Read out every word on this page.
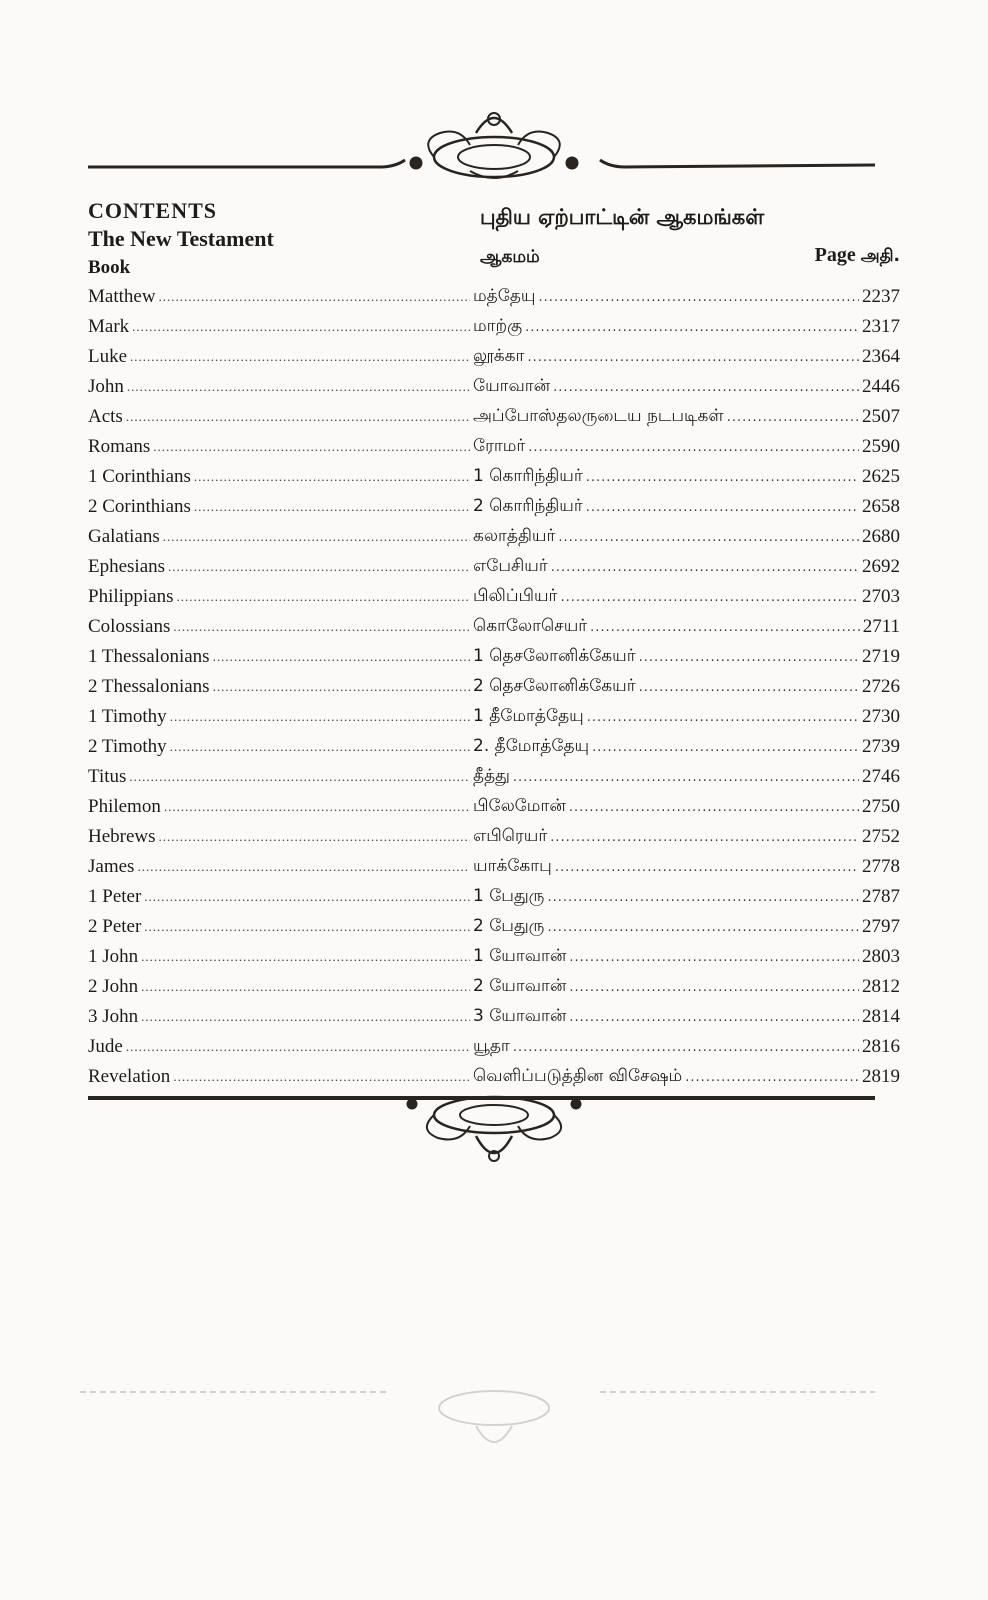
CONTENTS
The New Testament
Book
புதிய ஏற்பாட்டின் ஆகமங்கள்
ஆகமம்	Page அதி.
Matthew .....	மத்தேயு .....	2237
Mark .....	மாற்கு .....	2317
Luke .....	லூக்கா .....	2364
John .....	யோவான் .....	2446
Acts .....	அப்போஸ்தலருடைய நடபடிகள் .....	2507
Romans .....	ரோமர் .....	2590
1 Corinthians .....	1 கொரிந்தியர் .....	2625
2 Corinthians .....	2 கொரிந்தியர் .....	2658
Galatians .....	கலாத்தியர் .....	2680
Ephesians .....	எபேசியர் .....	2692
Philippians .....	பிலிப்பியர் .....	2703
Colossians .....	கொலோசெயர் .....	2711
1 Thessalonians .....	1 தெசலோனிக்கேயர் .....	2719
2 Thessalonians .....	2 தெசலோனிக்கேயர் .....	2726
1 Timothy .....	1 தீமோத்தேயு .....	2730
2 Timothy .....	2. தீமோத்தேயு .....	2739
Titus .....	தீத்து .....	2746
Philemon .....	பிலேமோன் .....	2750
Hebrews .....	எபிரெயர் .....	2752
James .....	யாக்கோபு .....	2778
1 Peter .....	1 பேதுரு .....	2787
2 Peter .....	2 பேதுரு .....	2797
1 John .....	1 யோவான் .....	2803
2 John .....	2 யோவான் .....	2812
3 John .....	3 யோவான் .....	2814
Jude .....	யூதா .....	2816
Revelation .....	வெளிப்படுத்தின விசேஷம் .....	2819
